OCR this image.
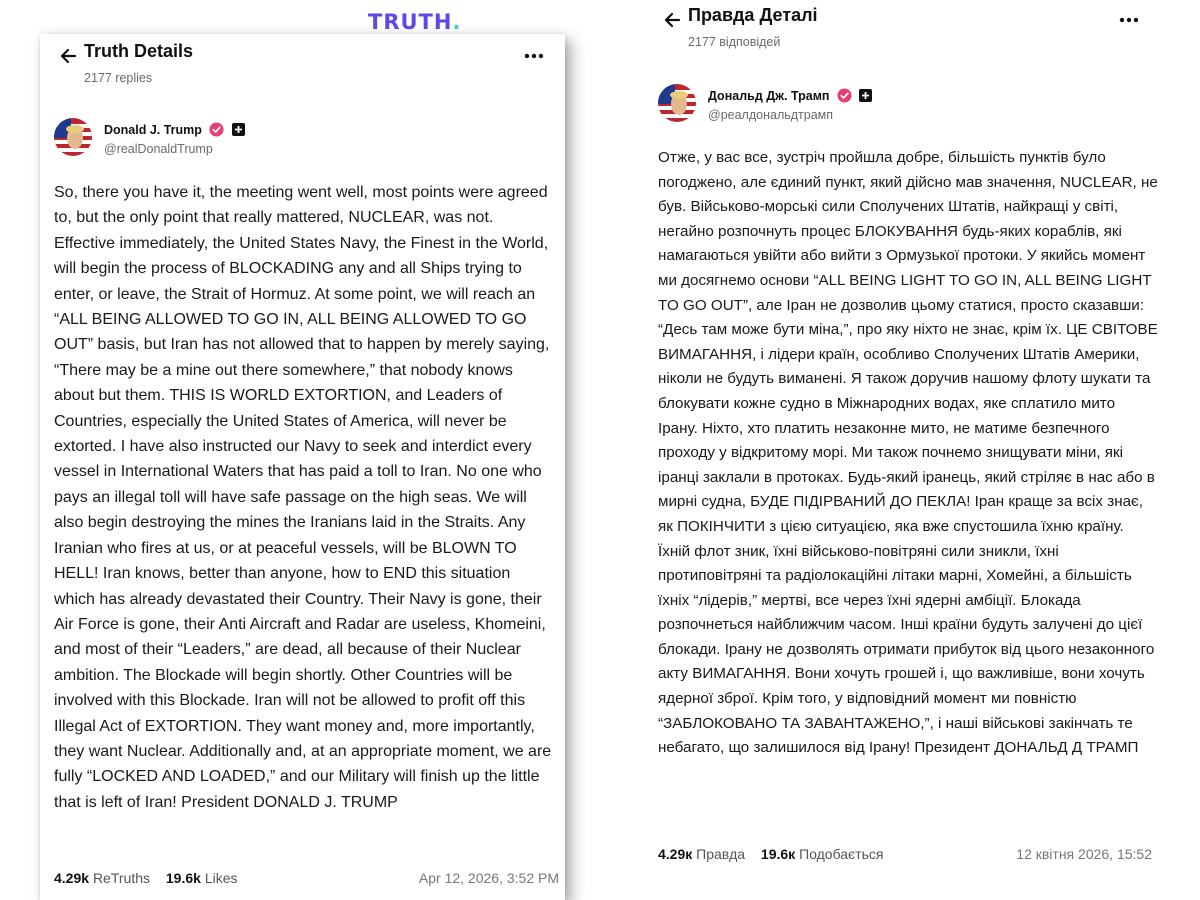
TRUTH.
Truth Details
2177 replies
Donald J. Trump
@realDonaldTrump
So, there you have it, the meeting went well, most points were agreed to, but the only point that really mattered, NUCLEAR, was not. Effective immediately, the United States Navy, the Finest in the World, will begin the process of BLOCKADING any and all Ships trying to enter, or leave, the Strait of Hormuz. At some point, we will reach an “ALL BEING ALLOWED TO GO IN, ALL BEING ALLOWED TO GO OUT” basis, but Iran has not allowed that to happen by merely saying, “There may be a mine out there somewhere,” that nobody knows about but them. THIS IS WORLD EXTORTION, and Leaders of Countries, especially the United States of America, will never be extorted. I have also instructed our Navy to seek and interdict every vessel in International Waters that has paid a toll to Iran. No one who pays an illegal toll will have safe passage on the high seas. We will also begin destroying the mines the Iranians laid in the Straits. Any Iranian who fires at us, or at peaceful vessels, will be BLOWN TO HELL! Iran knows, better than anyone, how to END this situation which has already devastated their Country. Their Navy is gone, their Air Force is gone, their Anti Aircraft and Radar are useless, Khomeini, and most of their “Leaders,” are dead, all because of their Nuclear ambition. The Blockade will begin shortly. Other Countries will be involved with this Blockade. Iran will not be allowed to profit off this Illegal Act of EXTORTION. They want money and, more importantly, they want Nuclear. Additionally and, at an appropriate moment, we are fully “LOCKED AND LOADED,” and our Military will finish up the little that is left of Iran! President DONALD J. TRUMP
4.29k ReTruths 19.6k Likes	Apr 12, 2026, 3:52 PM
Правда Деталі
2177 відповідей
Дональд Дж. Трамп
@реалдональдтрамп
Отже, у вас все, зустріч пройшла добре, більшість пунктів було погоджено, але єдиний пункт, який дійсно мав значення, NUCLEAR, не був. Військово-морські сили Сполучених Штатів, найкращі у світі, негайно розпочнуть процес БЛОКУВАННЯ будь-яких кораблів, які намагаються увійти або вийти з Ормузької протоки. У якийсь момент ми досягнемо основи “ALL BEING LIGHT TO GO IN, ALL BEING LIGHT TO GO OUT”, але Іран не дозволив цьому статися, просто сказавши: “Десь там може бути міна,”, про яку ніхто не знає, крім їх. ЦЕ СВІТОВЕ ВИМАГАННЯ, і лідери країн, особливо Сполучених Штатів Америки, ніколи не будуть виманені. Я також доручив нашому флоту шукати та блокувати кожне судно в Міжнародних водах, яке сплатило мито Ірану. Ніхто, хто платить незаконне мито, не матиме безпечного проходу у відкритому морі. Ми також почнемо знищувати міни, які іранці заклали в протоках. Будь-який іранець, який стріляє в нас або в мирні судна, БУДЕ ПІДІРВАНИЙ ДО ПЕКЛА! Іран краще за всіх знає, як ПОКІНЧИТИ з цією ситуацією, яка вже спустошила їхню країну. Їхній флот зник, їхні військово-повітряні сили зникли, їхні протиповітряні та радіолокаційні літаки марні, Хомейні, а більшість їхніх “лідерів,” мертві, все через їхні ядерні амбіції. Блокада розпочнеться найближчим часом. Інші країни будуть залучені до цієї блокади. Ірану не дозволять отримати прибуток від цього незаконного акту ВИМАГАННЯ. Вони хочуть грошей і, що важливіше, вони хочуть ядерної зброї. Крім того, у відповідний момент ми повністю “ЗАБЛОКОВАНО ТА ЗАВАНТАЖЕНО,”, і наші військові закінчать те небагато, що залишилося від Ірану! Президент ДОНАЛЬД Д ТРАМП
4.29к Правда 19.6к Подобається	12 квітня 2026, 15:52
